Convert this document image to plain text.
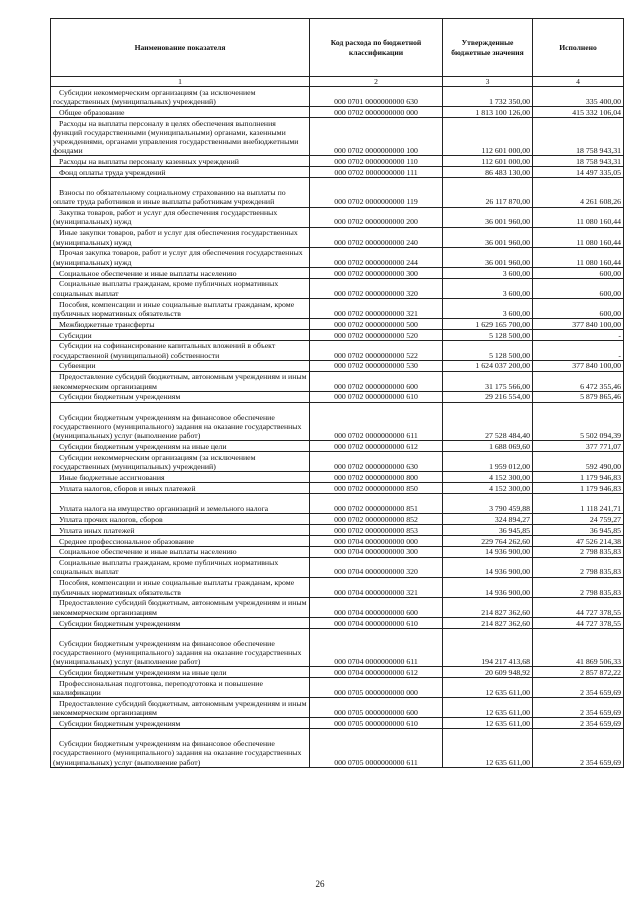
Наименование показателя	Код расхода по бюджетной классификации	Утвержденные бюджетные значения	Исполнено
1	2	3	4
Субсидии некоммерческим организациям (за исключением государственных (муниципальных) учреждений)	000 0701 0000000000 630	1 732 350,00	335 400,00
Общее образование	000 0702 0000000000 000	1 813 100 126,00	415 332 106,04
Расходы на выплаты персоналу в целях обеспечения выполнения функций государственными (муниципальными) органами, казенными учреждениями, органами управления государственными внебюджетными фондами	000 0702 0000000000 100	112 601 000,00	18 758 943,31
Расходы на выплаты персоналу казенных учреждений	000 0702 0000000000 110	112 601 000,00	18 758 943,31
Фонд оплаты труда учреждений	000 0702 0000000000 111	86 483 130,00	14 497 335,05
Взносы по обязательному социальному страхованию на выплаты по оплате труда работников и иные выплаты работникам учреждений	000 0702 0000000000 119	26 117 870,00	4 261 608,26
Закупка товаров, работ и услуг для обеспечения государственных (муниципальных) нужд	000 0702 0000000000 200	36 001 960,00	11 080 160,44
Иные закупки товаров, работ и услуг для обеспечения государственных (муниципальных) нужд	000 0702 0000000000 240	36 001 960,00	11 080 160,44
Прочая закупка товаров, работ и услуг для обеспечения государственных (муниципальных) нужд	000 0702 0000000000 244	36 001 960,00	11 080 160,44
Социальное обеспечение и иные выплаты населению	000 0702 0000000000 300	3 600,00	600,00
Социальные выплаты гражданам, кроме публичных нормативных социальных выплат	000 0702 0000000000 320	3 600,00	600,00
Пособия, компенсации и иные социальные выплаты гражданам, кроме публичных нормативных обязательств	000 0702 0000000000 321	3 600,00	600,00
Межбюджетные трансферты	000 0702 0000000000 500	1 629 165 700,00	377 840 100,00
Субсидии	000 0702 0000000000 520	5 128 500,00	-
Субсидии на софинансирование капитальных вложений в объект государственной (муниципальной) собственности	000 0702 0000000000 522	5 128 500,00	-
Субвенции	000 0702 0000000000 530	1 624 037 200,00	377 840 100,00
Предоставление субсидий бюджетным, автономным учреждениям и иным некоммерческим организациям	000 0702 0000000000 600	31 175 566,00	6 472 355,46
Субсидии бюджетным учреждениям	000 0702 0000000000 610	29 216 554,00	5 879 865,46
Субсидии бюджетным учреждениям на финансовое обеспечение государственного (муниципального) задания на оказание государственных (муниципальных) услуг (выполнение работ)	000 0702 0000000000 611	27 528 484,40	5 502 094,39
Субсидии бюджетным учреждениям на иные цели	000 0702 0000000000 612	1 688 069,60	377 771,07
Субсидии некоммерческим организациям (за исключением государственных (муниципальных) учреждений)	000 0702 0000000000 630	1 959 012,00	592 490,00
Иные бюджетные ассигнования	000 0702 0000000000 800	4 152 300,00	1 179 946,83
Уплата налогов, сборов и иных платежей	000 0702 0000000000 850	4 152 300,00	1 179 946,83
Уплата налога на имущество организаций и земельного налога	000 0702 0000000000 851	3 790 459,88	1 118 241,71
Уплата прочих налогов, сборов	000 0702 0000000000 852	324 894,27	24 759,27
Уплата иных платежей	000 0702 0000000000 853	36 945,85	36 945,85
Среднее профессиональное образование	000 0704 0000000000 000	229 764 262,60	47 526 214,38
Социальное обеспечение и иные выплаты населению	000 0704 0000000000 300	14 936 900,00	2 798 835,83
Социальные выплаты гражданам, кроме публичных нормативных социальных выплат	000 0704 0000000000 320	14 936 900,00	2 798 835,83
Пособия, компенсации и иные социальные выплаты гражданам, кроме публичных нормативных обязательств	000 0704 0000000000 321	14 936 900,00	2 798 835,83
Предоставление субсидий бюджетным, автономным учреждениям и иным некоммерческим организациям	000 0704 0000000000 600	214 827 362,60	44 727 378,55
Субсидии бюджетным учреждениям	000 0704 0000000000 610	214 827 362,60	44 727 378,55
Субсидии бюджетным учреждениям на финансовое обеспечение государственного (муниципального) задания на оказание государственных (муниципальных) услуг (выполнение работ)	000 0704 0000000000 611	194 217 413,68	41 869 506,33
Субсидии бюджетным учреждениям на иные цели	000 0704 0000000000 612	20 609 948,92	2 857 872,22
Профессиональная подготовка, переподготовка и повышение квалификации	000 0705 0000000000 000	12 635 611,00	2 354 659,69
Предоставление субсидий бюджетным, автономным учреждениям и иным некоммерческим организациям	000 0705 0000000000 600	12 635 611,00	2 354 659,69
Субсидии бюджетным учреждениям	000 0705 0000000000 610	12 635 611,00	2 354 659,69
Субсидии бюджетным учреждениям на финансовое обеспечение государственного (муниципального) задания на оказание государственных (муниципальных) услуг (выполнение работ)	000 0705 0000000000 611	12 635 611,00	2 354 659,69
26
